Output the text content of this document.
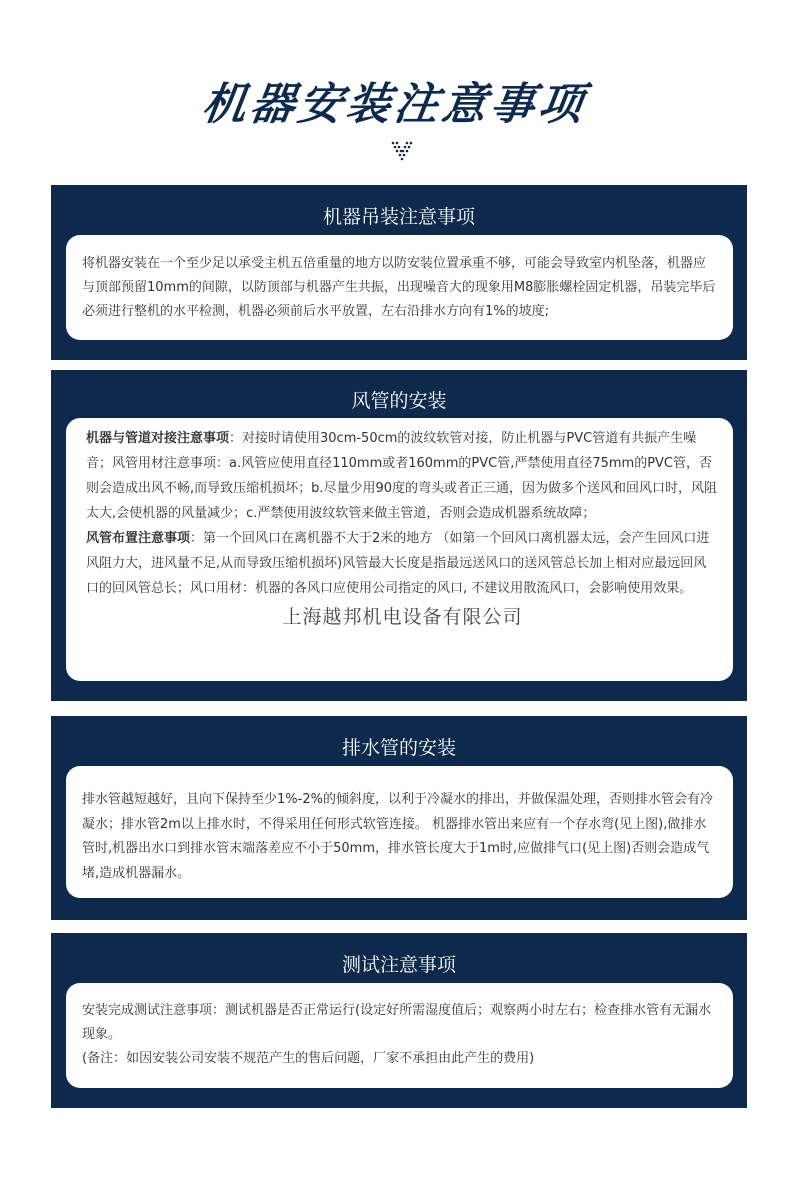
机器安装注意事项
机器吊装注意事项

将机器安装在一个至少足以承受主机五倍重量的地方以防安装位置承重不够，可能会导致室内机坠落，机器应与顶部预留10mm的间隙，以防顶部与机器产生共振，出现噪音大的现象用M8膨胀螺栓固定机器，吊装完毕后必须进行整机的水平检测，机器必须前后水平放置，左右沿排水方向有1%的坡度;

风管的安装

机器与管道对接注意事项：对接时请使用30cm-50cm的波纹软管对接，防止机器与PVC管道有共振产生噪音；风管用材注意事项：a.风管应使用直径110mm或者160mm的PVC管,严禁使用直径75mm的PVC管，否则会造成出风不畅,而导致压缩机损坏；b.尽量少用90度的弯头或者正三通，因为做多个送风和回风口时，风阻太大,会使机器的风量减少；c.严禁使用波纹软管来做主管道，否则会造成机器系统故障；

风管布置注意事项：第一个回风口在离机器不大于2米的地方 （如第一个回风口离机器太远，会产生回风口进风阻力大，进风量不足,从而导致压缩机损坏)风管最大长度是指最远送风口的送风管总长加上相对应最远回风口的回风管总长；风口用材：机器的各风口应使用公司指定的风口, 不建议用散流风口，会影响使用效果。

上海越邦机电设备有限公司
排水管的安装

排水管越短越好，且向下保持至少1%-2%的倾斜度，以利于冷凝水的排出，并做保温处理，否则排水管会有冷凝水；排水管2m以上排水时，不得采用任何形式软管连接。 机器排水管出来应有一个存水弯(见上图),做排水管时,机器出水口到排水管末端落差应不小于50mm，排水管长度大于1m时,应做排气口(见上图)否则会造成气堵,造成机器漏水。

测试注意事项

安装完成测试注意事项：测试机器是否正常运行(设定好所需湿度值后；观察两小时左右；检查排水管有无漏水现象。

(备注：如因安装公司安装不规范产生的售后问题，厂家不承担由此产生的费用)
